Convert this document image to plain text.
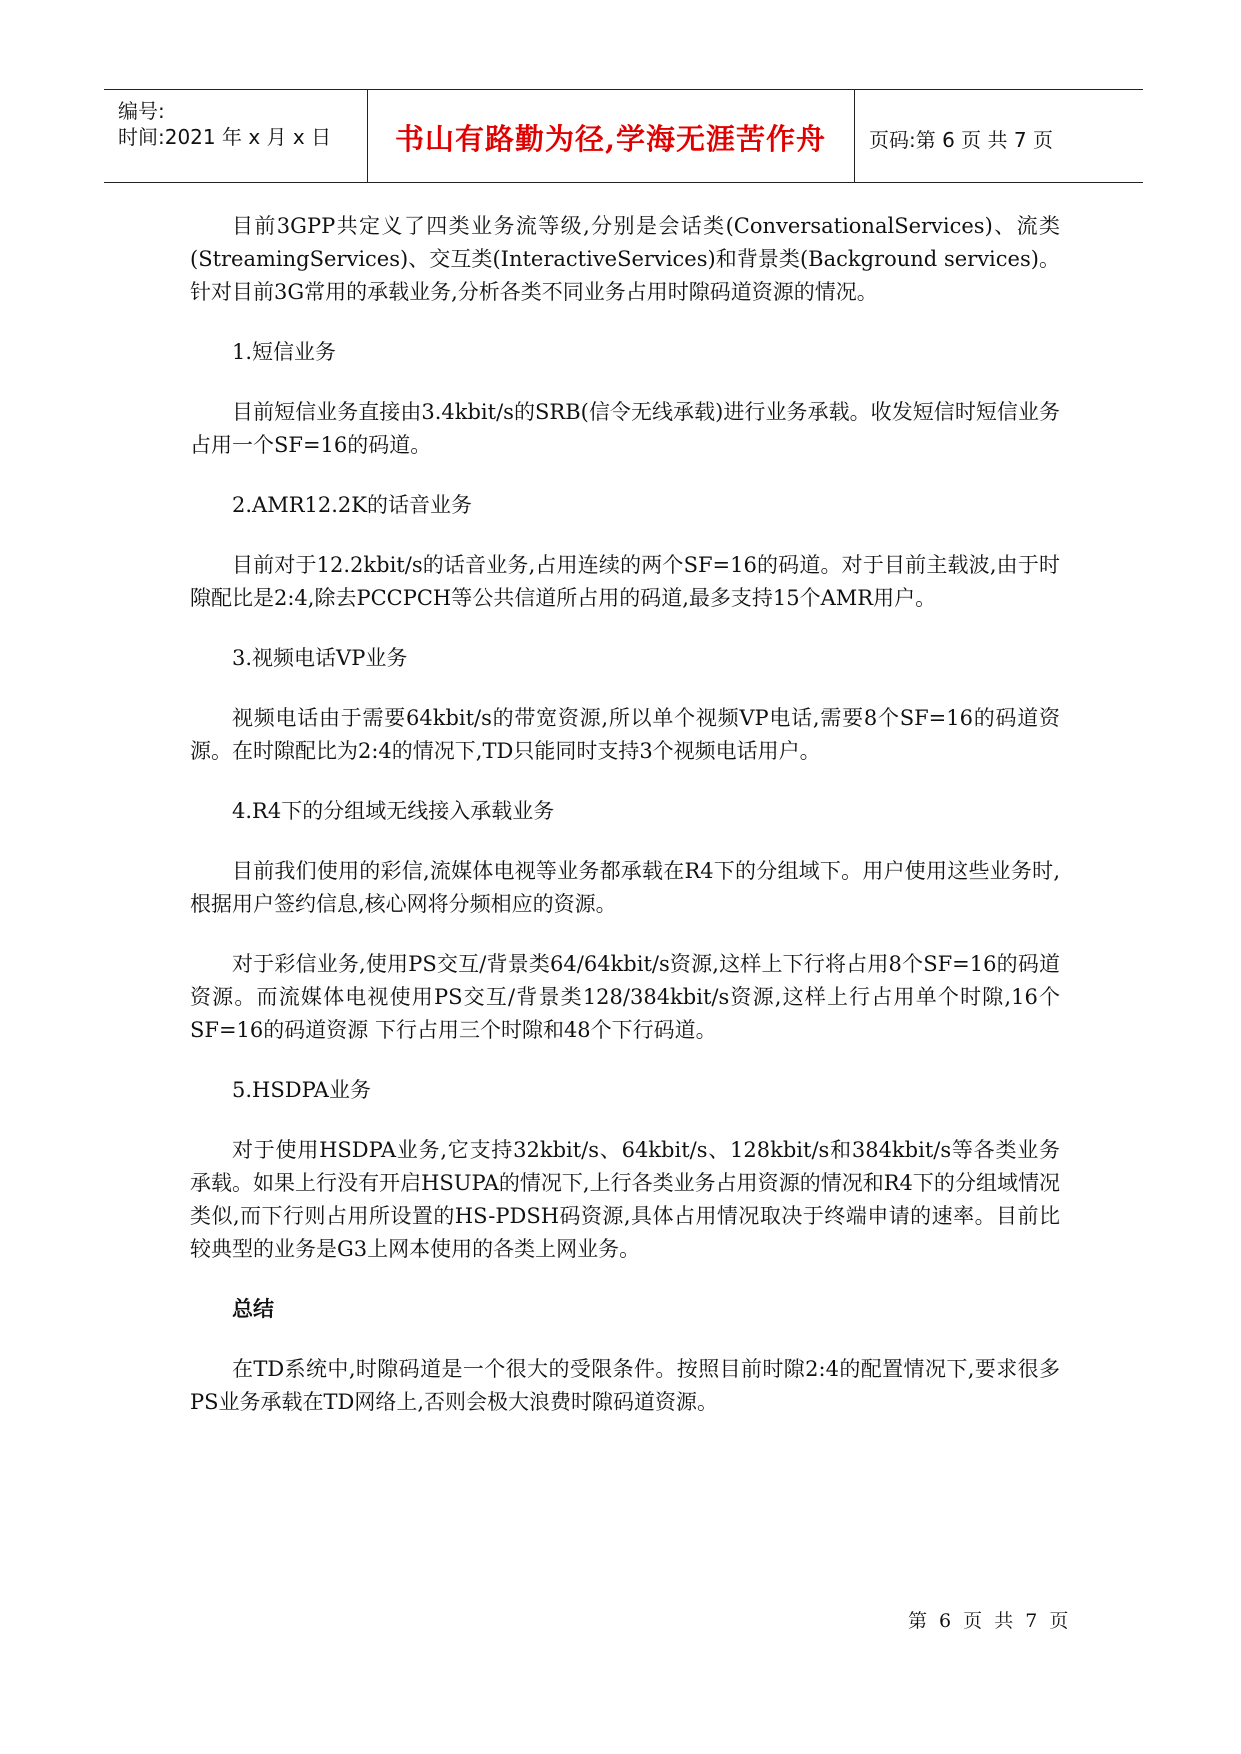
编号:
时间:2021 年 x 月 x 日	书山有路勤为径,学海无涯苦作舟	页码:第 6 页 共 7 页

目前3GPP共定义了四类业务流等级,分别是会话类(ConversationalServices)、流类(StreamingServices)、交互类(InteractiveServices)和背景类(Background services)。针对目前3G常用的承载业务,分析各类不同业务占用时隙码道资源的情况。

1.短信业务

目前短信业务直接由3.4kbit/s的SRB(信令无线承载)进行业务承载。收发短信时短信业务占用一个SF=16的码道。

2.AMR12.2K的话音业务

目前对于12.2kbit/s的话音业务,占用连续的两个SF=16的码道。对于目前主载波,由于时隙配比是2:4,除去PCCPCH等公共信道所占用的码道,最多支持15个AMR用户。

3.视频电话VP业务

视频电话由于需要64kbit/s的带宽资源,所以单个视频VP电话,需要8个SF=16的码道资源。在时隙配比为2:4的情况下,TD只能同时支持3个视频电话用户。

4.R4下的分组域无线接入承载业务

目前我们使用的彩信,流媒体电视等业务都承载在R4下的分组域下。用户使用这些业务时,根据用户签约信息,核心网将分频相应的资源。

对于彩信业务,使用PS交互/背景类64/64kbit/s资源,这样上下行将占用8个SF=16的码道资源。而流媒体电视使用PS交互/背景类128/384kbit/s资源,这样上行占用单个时隙,16个SF=16的码道资源 下行占用三个时隙和48个下行码道。

5.HSDPA业务

对于使用HSDPA业务,它支持32kbit/s、64kbit/s、128kbit/s和384kbit/s等各类业务承载。如果上行没有开启HSUPA的情况下,上行各类业务占用资源的情况和R4下的分组域情况类似,而下行则占用所设置的HS-PDSH码资源,具体占用情况取决于终端申请的速率。目前比较典型的业务是G3上网本使用的各类上网业务。

总结

在TD系统中,时隙码道是一个很大的受限条件。按照目前时隙2:4的配置情况下,要求很多PS业务承载在TD网络上,否则会极大浪费时隙码道资源。

第 6 页 共 7 页
